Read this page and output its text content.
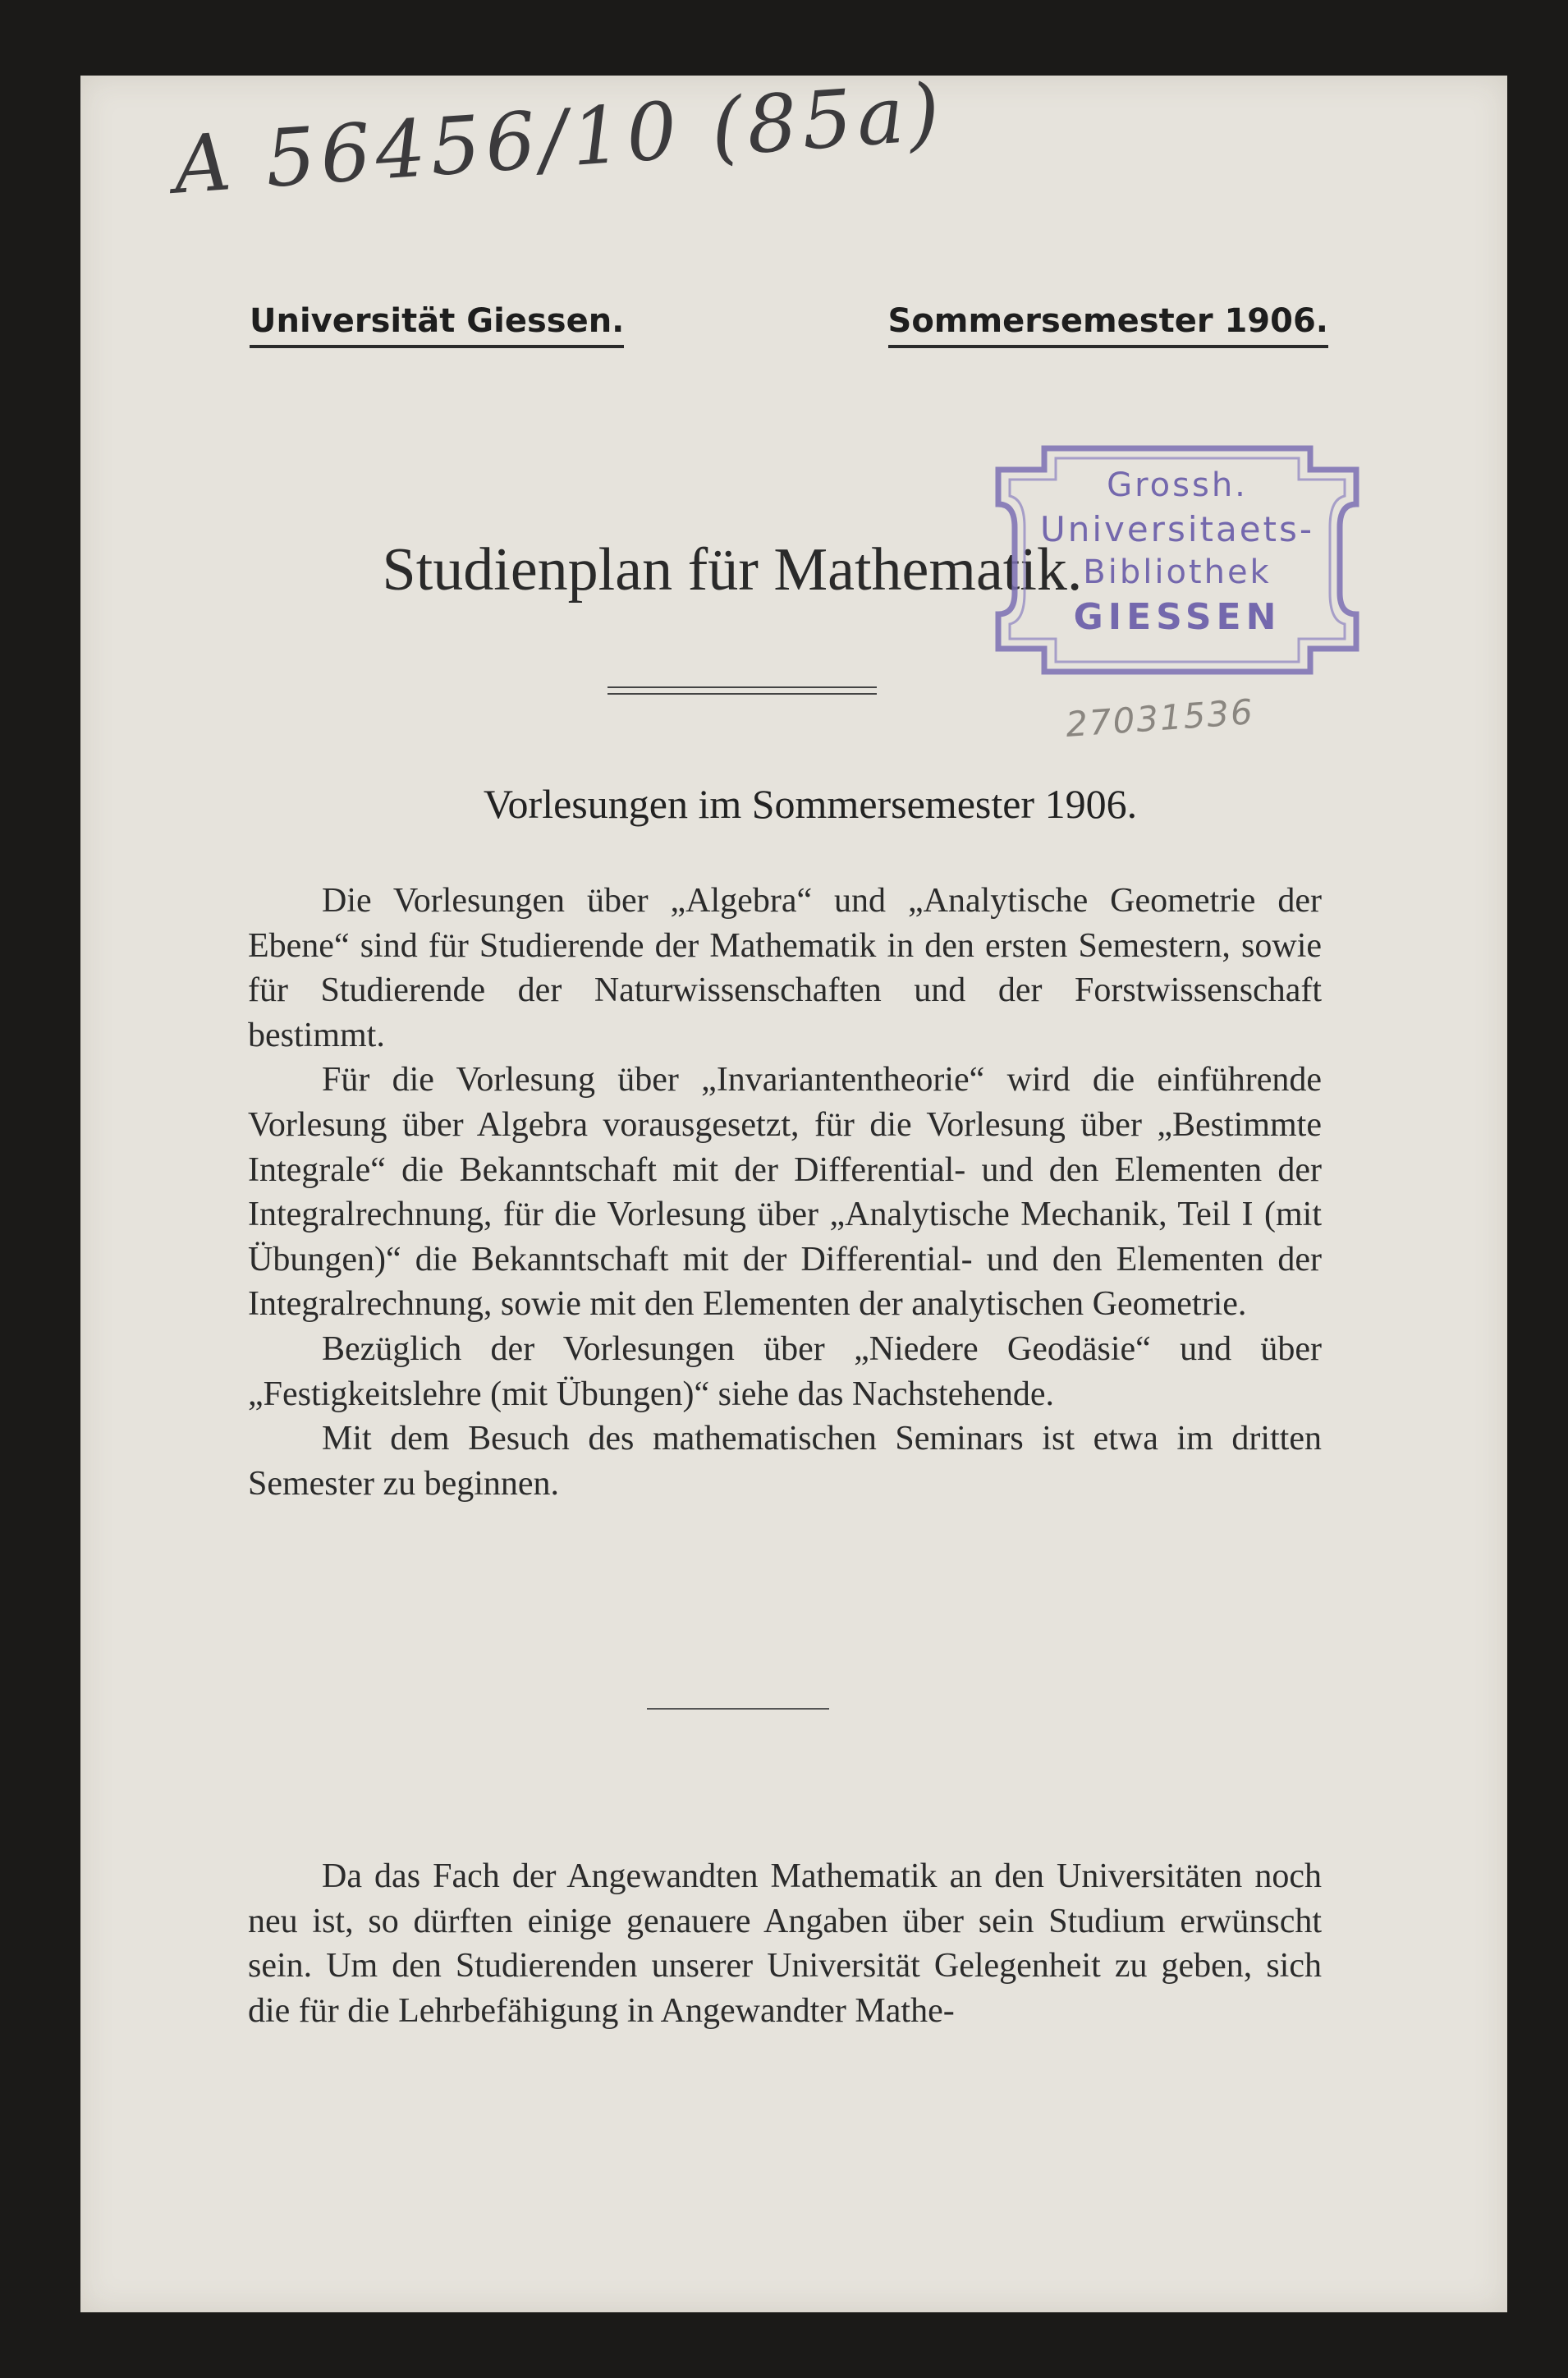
A 56456/10 (85a)
Universität Giessen.	Sommersemester 1906.
Studienplan für Mathematik.
Grossh.
Universitaets-
Bibliothek
GIESSEN
27031536
Vorlesungen im Sommersemester 1906.

Die Vorlesungen über „Algebra“ und „Analytische Geometrie der Ebene“ sind für Studierende der Mathematik in den ersten Semestern, sowie für Studierende der Naturwissenschaften und der Forstwissenschaft bestimmt.

Für die Vorlesung über „Invariantentheorie“ wird die einführende Vorlesung über Algebra vorausgesetzt, für die Vorlesung über „Bestimmte Integrale“ die Bekanntschaft mit der Differential- und den Elementen der Integralrechnung, für die Vorlesung über „Analytische Mechanik, Teil I (mit Übungen)“ die Bekanntschaft mit der Differential- und den Elementen der Integralrechnung, sowie mit den Elementen der analytischen Geometrie.

Bezüglich der Vorlesungen über „Niedere Geodäsie“ und über „Festigkeitslehre (mit Übungen)“ siehe das Nachstehende.

Mit dem Besuch des mathematischen Seminars ist etwa im dritten Semester zu beginnen.

Da das Fach der Angewandten Mathematik an den Universitäten noch neu ist, so dürften einige genauere Angaben über sein Studium erwünscht sein. Um den Studierenden unserer Universität Gelegenheit zu geben, sich die für die Lehrbefähigung in Angewandter Mathe-
